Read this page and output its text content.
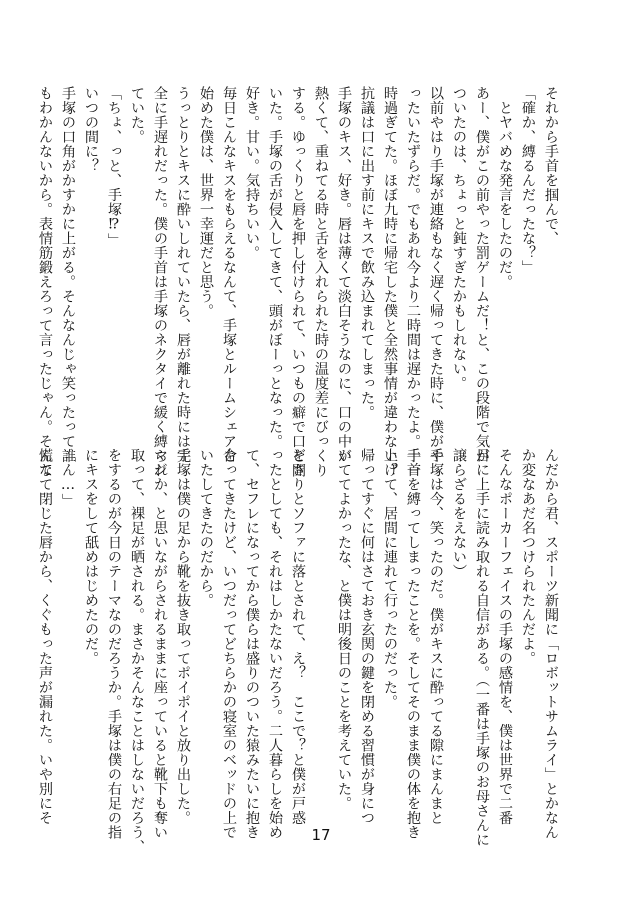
それから手首を掴んで、
「確か、縛るんだったな？」
　とヤバめな発言をしたのだ。
あー、僕がこの前やった罰ゲームだ！と、この段階で気が
ついたのは、ちょっと鈍すぎたかもしれない。
以前やはり手塚が連絡もなく遅く帰ってきた時に、僕がや
ったいたずらだ。でもあれ今より二時間は遅かったよ。十一
時過ぎてた。ほぼ九時に帰宅した僕と全然事情が違わない？
抗議は口に出す前にキスで飲み込まれてしまった。
手塚のキス、好き。唇は薄くて淡白そうなのに、口の中が
熱くて、重ねてる時と舌を入れられた時の温度差にびっくり
する。ゆっくりと唇を押し付けられて、いつもの癖で口を開
いた。手塚の舌が侵入してきて、頭がぼーっとなった。
好き。甘い。気持ちいい。
毎日こんなキスをもらえるなんて、手塚とルームシェアを
始めた僕は、世界一幸運だと思う。
うっとりとキスに酔いしれていたら、唇が離れた時には完
全に手遅れだった。僕の手首は手塚のネクタイで緩く縛られ
ていた。
「ちょ、っと、手塚⁉」
いつの間に？
手塚の口角がかすかに上がる。そんなんじゃ笑ったって誰
もわかんないから。表情筋鍛えろって言ったじゃん。そんな
んだから君、スポーツ新聞に「ロボットサムライ」とかなん
か変なあだ名つけられたんだよ。
そんなポーカーフェイスの手塚の感情を、僕は世界で二番
目に上手に読み取れる自信がある。（一番は手塚のお母さんに
譲らざるをえない）
手塚は今、笑ったのだ。僕がキスに酔ってる隙にまんまと
手首を縛ってしまったことを。そしてそのまま僕の体を抱き
上げて、居間に連れて行ったのだった。
帰ってすぐに何はさておき玄関の鍵を閉める習慣が身につ
いててよかったな、と僕は明後日のことを考えていた。

どさりとソファに落とされて、え？　ここで？と僕が戸惑
ったとしても、それはしかたないだろう。二人暮らしを始め
て、セフレになってから僕らは盛りのついた猿みたいに抱き
合ってきたけど、いつだってどちらかの寝室のベッドの上で
いたしてきたのだから。
手塚は僕の足から靴を抜き取ってポイポイと放り出した。
マジか、と思いながらされるままに座っていると靴下も奪い
取って、裸足が晒される。まさかそんなことはしないだろう、
をするのが今日のテーマなのだろうか。手塚は僕の右足の指
にキスをして舐めはじめたのだ。
「ん…」
慌てて閉じた唇から、くぐもった声が漏れた。いや別にそ
17
